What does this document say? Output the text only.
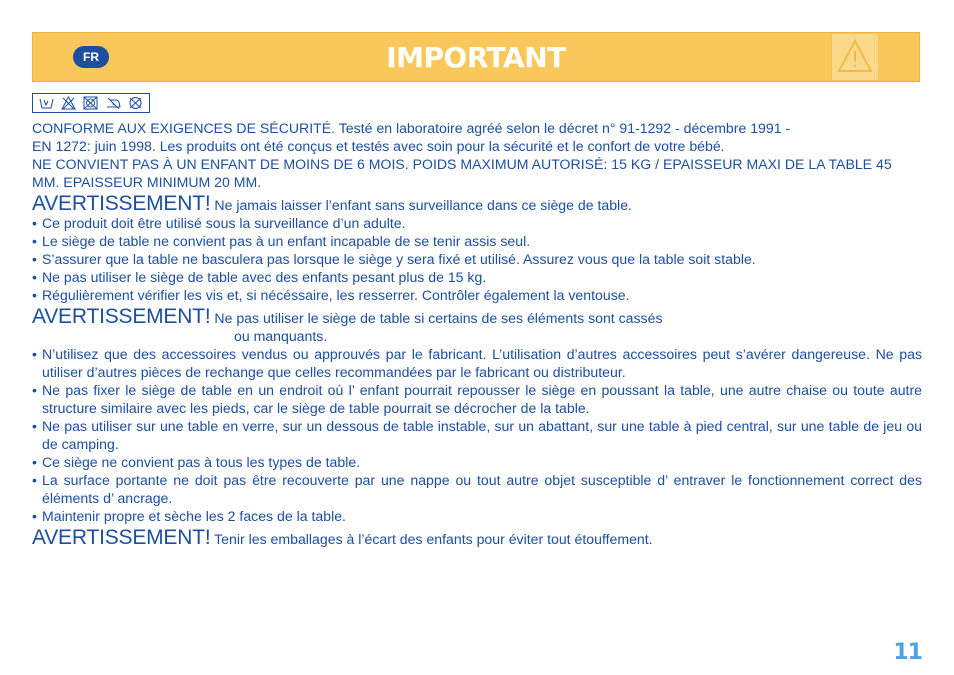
FR	IMPORTANT

CONFORME AUX EXIGENCES DE SÉCURITÉ. Testé en laboratoire agréé selon le décret n° 91-1292 - décembre 1991 -

EN 1272: juin 1998. Les produits ont été conçus et testés avec soin pour la sécurité et le confort de votre bébé.

NE CONVIENT PAS À UN ENFANT DE MOINS DE 6 MOIS. POIDS MAXIMUM AUTORISÉ: 15 KG / EPAISSEUR MAXI DE LA TABLE 45 MM. EPAISSEUR MINIMUM 20 MM.

AVERTISSEMENT! Ne jamais laisser l’enfant sans surveillance dans ce siège de table.

• Ce produit doit être utilisé sous la surveillance d’un adulte.
• Le siège de table ne convient pas à un enfant incapable de se tenir assis seul.
• S’assurer que la table ne basculera pas lorsque le siège y sera fixé et utilisé. Assurez vous que la table soit stable.
• Ne pas utiliser le siège de table avec des enfants pesant plus de 15 kg.
• Régulièrement vérifier les vis et, si nécéssaire, les resserrer. Contrôler également la ventouse.

AVERTISSEMENT! Ne pas utiliser le siège de table si certains de ses éléments sont cassés

ou manquants.

• N’utilisez que des accessoires vendus ou approuvés par le fabricant. L’utilisation d’autres accessoires peut s’avérer dangereuse. Ne pas utiliser d’autres pièces de rechange que celles recommandées par le fabricant ou distributeur.
• Ne pas fixer le siège de table en un endroit où l’ enfant pourrait repousser le siège en poussant la table, une autre chaise ou toute autre structure similaire avec les pieds, car le siège de table pourrait se décrocher de la table.
• Ne pas utiliser sur une table en verre, sur un dessous de table instable, sur un abattant, sur une table à pied central, sur une table de jeu ou de camping.
• Ce siège ne convient pas à tous les types de table.
• La surface portante ne doit pas être recouverte par une nappe ou tout autre objet susceptible d’ entraver le fonctionnement correct des éléments d’ ancrage.
• Maintenir propre et sèche les 2 faces de la table.

AVERTISSEMENT! Tenir les emballages à l’écart des enfants pour éviter tout étouffement.

11
